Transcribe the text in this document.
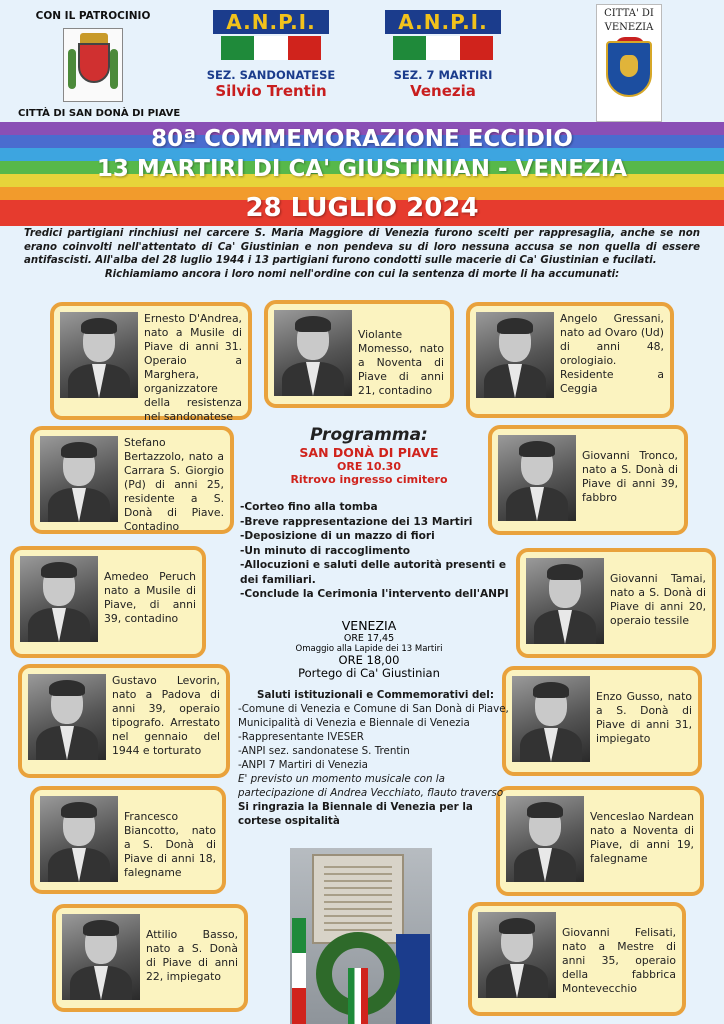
CON IL PATROCINIO
CITTÀ DI SAN DONÀ DI PIAVE
A.N.P.I.
SEZ. SANDONATESE
Silvio Trentin
A.N.P.I.
SEZ. 7 MARTIRI
Venezia
CITTA' DI
VENEZIA
80ª COMMEMORAZIONE ECCIDIO
13 MARTIRI DI CA' GIUSTINIAN - VENEZIA
28 LUGLIO 2024

Tredici partigiani rinchiusi nel carcere S. Maria Maggiore di Venezia furono scelti per rappresaglia, anche se non erano coinvolti nell'attentato di Ca' Giustinian e non pendeva su di loro nessuna accusa se non quella di essere antifascisti. All'alba del 28 luglio 1944 i 13 partigiani furono condotti sulle macerie di Ca' Giustinian e fucilati.

Richiamiamo ancora i loro nomi nell'ordine con cui la sentenza di morte li ha accumunati:

Ernesto D'Andrea, nato a Musile di Piave di anni 31. Operaio a Marghera, organizzatore della resistenza nel sandonatese
Violante Momesso, nato a Noventa di Piave di anni 21, contadino
Angelo Gressani, nato ad Ovaro (Ud) di anni 48, orologiaio. Residente a Ceggia
Stefano Bertazzolo, nato a Carrara S. Giorgio (Pd) di anni 25, residente a S. Donà di Piave. Contadino
Giovanni Tronco, nato a S. Donà di Piave di anni 39, fabbro
Amedeo Peruch nato a Musile di Piave, di anni 39, contadino
Giovanni Tamai, nato a S. Donà di Piave di anni 20, operaio tessile
Gustavo Levorin, nato a Padova di anni 39, operaio tipografo. Arrestato nel gennaio del 1944 e torturato
Enzo Gusso, nato a S. Donà di Piave di anni 31, impiegato
Francesco Biancotto, nato a S. Donà di Piave di anni 18, falegname
Venceslao Nardean nato a Noventa di Piave, di anni 19, falegname
Attilio Basso, nato a S. Donà di Piave di anni 22, impiegato
Giovanni Felisati, nato a Mestre di anni 35, operaio della fabbrica Montevecchio
Programma:
SAN DONÀ DI PIAVE
ORE 10.30
Ritrovo ingresso cimitero
-Corteo fino alla tomba
-Breve rappresentazione dei 13 Martiri
-Deposizione di un mazzo di fiori
-Un minuto di raccoglimento
-Allocuzioni e saluti delle autorità presenti e dei familiari.
-Conclude la Cerimonia l'intervento dell'ANPI
VENEZIA
ORE 17,45
Omaggio alla Lapide dei 13 Martiri
ORE 18,00
Portego di Ca' Giustinian
Saluti istituzionali e Commemorativi del:
-Comune di Venezia e Comune di San Donà di Piave, Municipalità di Venezia e Biennale di Venezia
-Rappresentante IVESER
-ANPI sez. sandonatese S. Trentin
-ANPI 7 Martiri di Venezia
E' previsto un momento musicale con la partecipazione di Andrea Vecchiato, flauto traverso
Si ringrazia la Biennale di Venezia per la cortese ospitalità
